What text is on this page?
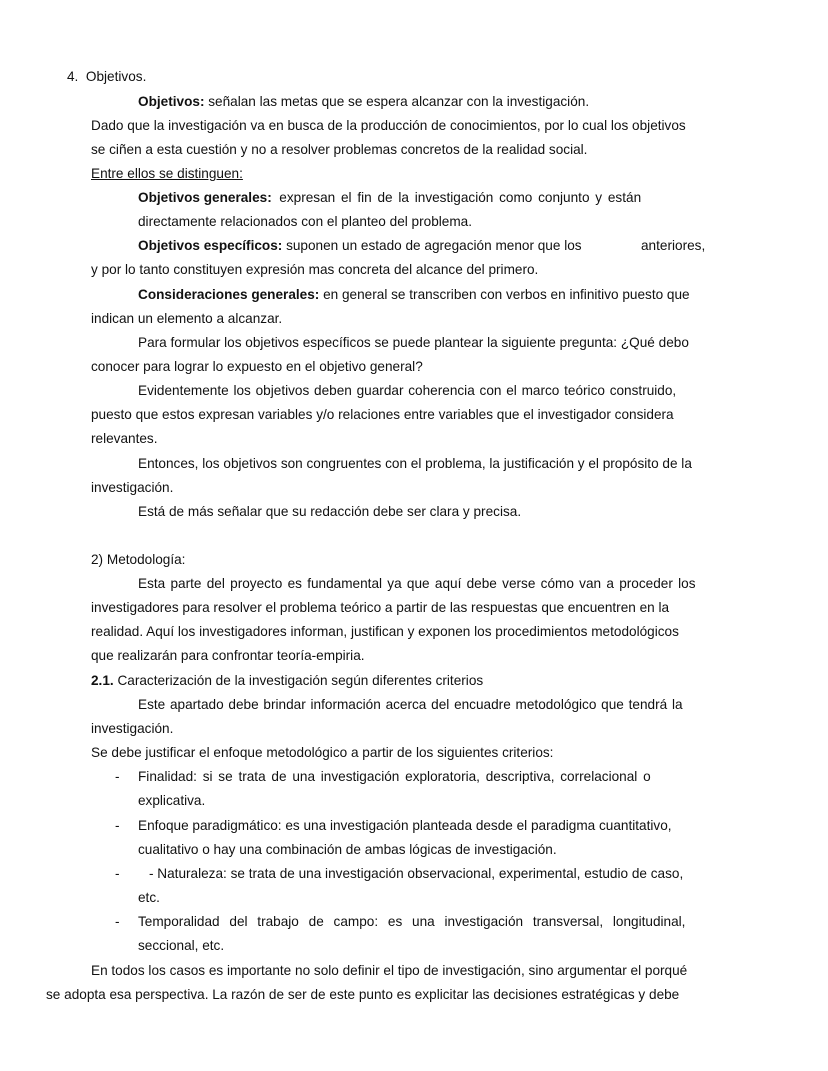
4. Objetivos.
Objetivos: señalan las metas que se espera alcanzar con la investigación.
Dado que la investigación va en busca de la producción de conocimientos, por lo cual los objetivos
se ciñen a esta cuestión y no a resolver problemas concretos de la realidad social.
Entre ellos se distinguen:
Objetivos generales: expresan el fin de la investigación como conjunto y están
directamente relacionados con el planteo del problema.
Objetivos específicos: suponen un estado de agregación menor que los	anteriores,
y por lo tanto constituyen expresión mas concreta del alcance del primero.
Consideraciones generales: en general se transcriben con verbos en infinitivo puesto que
indican un elemento a alcanzar.
Para formular los objetivos específicos se puede plantear la siguiente pregunta: ¿Qué debo
conocer para lograr lo expuesto en el objetivo general?
Evidentemente los objetivos deben guardar coherencia con el marco teórico construido,
puesto que estos expresan variables y/o relaciones entre variables que el investigador considera
relevantes.
Entonces, los objetivos son congruentes con el problema, la justificación y el propósito de la
investigación.
Está de más señalar que su redacción debe ser clara y precisa.
2) Metodología:
Esta parte del proyecto es fundamental ya que aquí debe verse cómo van a proceder los
investigadores para resolver el problema teórico a partir de las respuestas que encuentren en la
realidad. Aquí los investigadores informan, justifican y exponen los procedimientos metodológicos
que realizarán para confrontar teoría-empiria.
2.1. Caracterización de la investigación según diferentes criterios
Este apartado debe brindar información acerca del encuadre metodológico que tendrá la
investigación.
Se debe justificar el enfoque metodológico a partir de los siguientes criterios:
- Finalidad: si se trata de una investigación exploratoria, descriptiva, correlacional o
explicativa.
- Enfoque paradigmático: es una investigación planteada desde el paradigma cuantitativo,
cualitativo o hay una combinación de ambas lógicas de investigación.
- - Naturaleza: se trata de una investigación observacional, experimental, estudio de caso,
etc.
- Temporalidad del trabajo de campo: es una investigación transversal, longitudinal,
seccional, etc.
En todos los casos es importante no solo definir el tipo de investigación, sino argumentar el porqué
se adopta esa perspectiva. La razón de ser de este punto es explicitar las decisiones estratégicas y debe
